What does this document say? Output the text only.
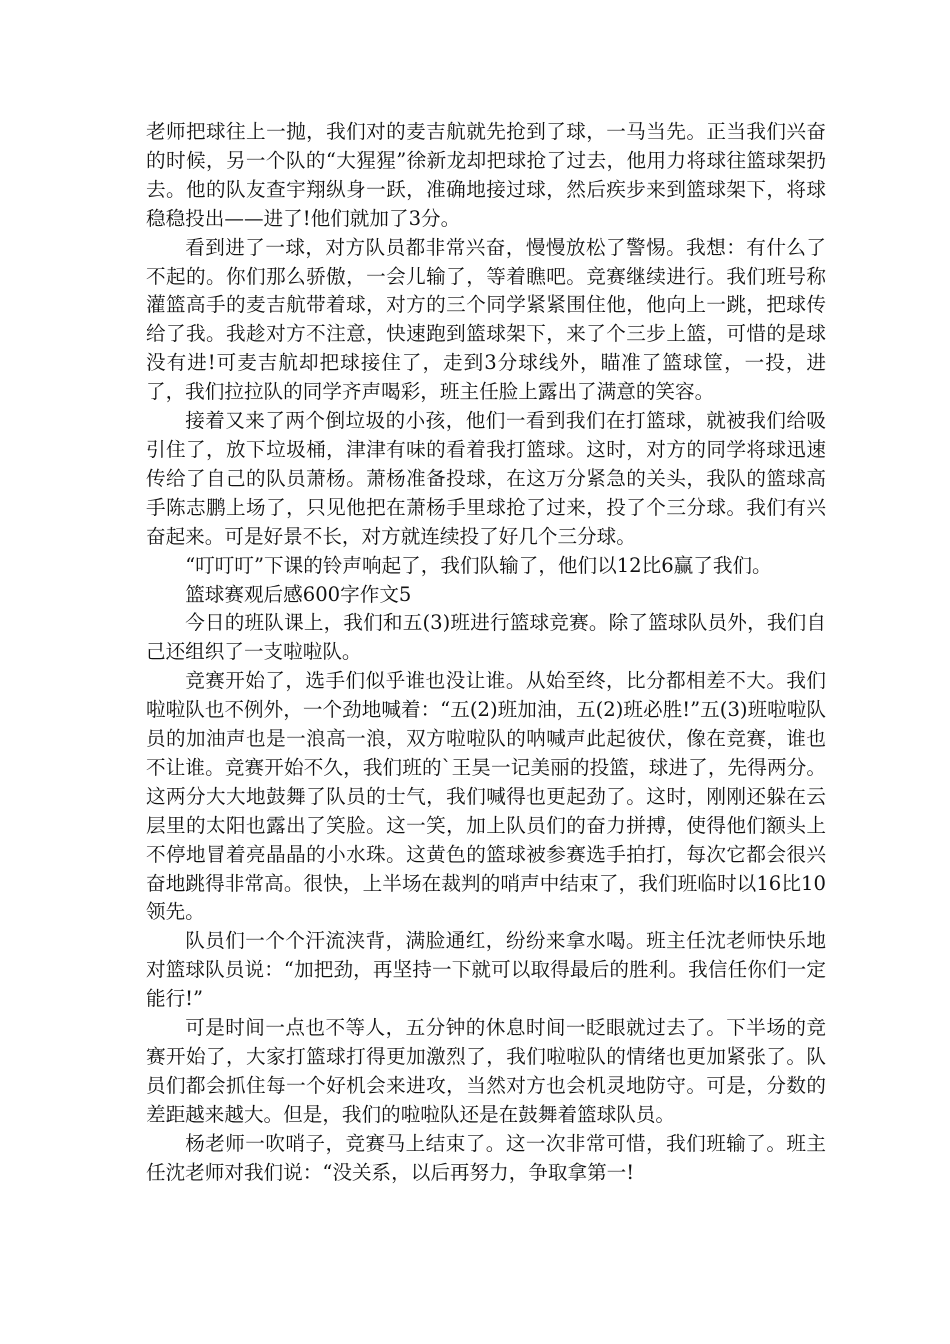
老师把球往上一抛，我们对的麦吉航就先抢到了球，一马当先。正当我们兴奋的时候，另一个队的“大猩猩”徐新龙却把球抢了过去，他用力将球往篮球架扔去。他的队友查宇翔纵身一跃，准确地接过球，然后疾步来到篮球架下，将球稳稳投出——进了!他们就加了3分。

看到进了一球，对方队员都非常兴奋，慢慢放松了警惕。我想：有什么了不起的。你们那么骄傲，一会儿输了，等着瞧吧。竞赛继续进行。我们班号称灌篮高手的麦吉航带着球，对方的三个同学紧紧围住他，他向上一跳，把球传给了我。我趁对方不注意，快速跑到篮球架下，来了个三步上篮，可惜的是球没有进!可麦吉航却把球接住了，走到3分球线外，瞄准了篮球筐，一投，进了，我们拉拉队的同学齐声喝彩，班主任脸上露出了满意的笑容。

接着又来了两个倒垃圾的小孩，他们一看到我们在打篮球，就被我们给吸引住了，放下垃圾桶，津津有味的看着我打篮球。这时，对方的同学将球迅速传给了自己的队员萧杨。萧杨准备投球，在这万分紧急的关头，我队的篮球高手陈志鹏上场了，只见他把在萧杨手里球抢了过来，投了个三分球。我们有兴奋起来。可是好景不长，对方就连续投了好几个三分球。

“叮叮叮”下课的铃声响起了，我们队输了，他们以12比6赢了我们。

篮球赛观后感600字作文5

今日的班队课上，我们和五(3)班进行篮球竞赛。除了篮球队员外，我们自己还组织了一支啦啦队。

竞赛开始了，选手们似乎谁也没让谁。从始至终，比分都相差不大。我们啦啦队也不例外，一个劲地喊着：“五(2)班加油，五(2)班必胜!”五(3)班啦啦队员的加油声也是一浪高一浪，双方啦啦队的呐喊声此起彼伏，像在竞赛，谁也不让谁。竞赛开始不久，我们班的`王昊一记美丽的投篮，球进了，先得两分。这两分大大地鼓舞了队员的士气，我们喊得也更起劲了。这时，刚刚还躲在云层里的太阳也露出了笑脸。这一笑，加上队员们的奋力拼搏，使得他们额头上不停地冒着亮晶晶的小水珠。这黄色的篮球被参赛选手拍打，每次它都会很兴奋地跳得非常高。很快，上半场在裁判的哨声中结束了，我们班临时以16比10领先。

队员们一个个汗流浃背，满脸通红，纷纷来拿水喝。班主任沈老师快乐地对篮球队员说：“加把劲，再坚持一下就可以取得最后的胜利。我信任你们一定能行!”

可是时间一点也不等人，五分钟的休息时间一眨眼就过去了。下半场的竞赛开始了，大家打篮球打得更加激烈了，我们啦啦队的情绪也更加紧张了。队员们都会抓住每一个好机会来进攻，当然对方也会机灵地防守。可是，分数的差距越来越大。但是，我们的啦啦队还是在鼓舞着篮球队员。

杨老师一吹哨子，竞赛马上结束了。这一次非常可惜，我们班输了。班主任沈老师对我们说：“没关系，以后再努力，争取拿第一!
